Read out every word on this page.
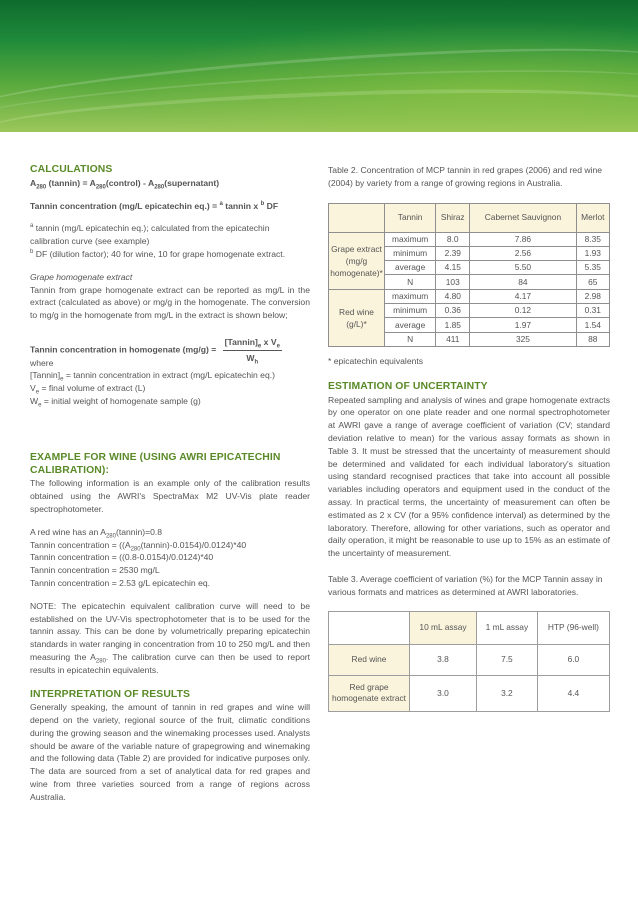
CALCULATIONS

$A_{280}$ (tannin) = $A_{280}(control)$ - $A_{280}(supernatant)$

Tannin concentration (mg/L epicatechin eq.) = $^a$ tannin x $^b$ DF

$^a$ tannin (mg/L epicatechin eq.); calculated from the epicatechin calibration curve (see example)

$^b$ DF (dilution factor); 40 for wine, 10 for grape homogenate extract.

Grape homogenate extract

Tannin from grape homogenate extract can be reported as mg/L in the extract (calculated as above) or mg/g in the homogenate. The conversion to mg/g in the homogenate from mg/L in the extract is shown below;

Tannin concentration in homogenate $(mg/g) = \frac{[Tannin]_e x V_e}{W_h}$

where

$[Tannin]_e$ = tannin concentration in extract (mg/L epicatechin eq.)

$V_e$ = final volume of extract (L)

$W_e$ = initial weight of homogenate sample (g)

EXAMPLE FOR WINE (USING AWRI EPICATECHIN CALIBRATION):

The following information is an example only of the calibration results obtained using the AWRI's SpectraMax M2 UV-Vis plate reader spectrophotometer.

A red wine has an $A_{280}(tannin)=0.8$

Tannin concentration = $((A_{280}(tannin)-0.0154)/0.0124)*40$

Tannin concentration = ((0.8-0.0154)/0.0124)*40

Tannin concentration = 2530 mg/L

Tannin concentration = 2.53 g/L epicatechin eq.

NOTE: The epicatechin equivalent calibration curve will need to be established on the UV-Vis spectrophotometer that is to be used for the tannin assay. This can be done by volumetrically preparing epicatechin standards in water ranging in concentration from 10 to 250 mg/L and then measuring the $A_{280}$. The calibration curve can then be used to report results in epicatechin equivalents.

INTERPRETATION OF RESULTS

Generally speaking, the amount of tannin in red grapes and wine will depend on the variety, regional source of the fruit, climatic conditions during the growing season and the winemaking processes used. Analysts should be aware of the variable nature of grapegrowing and winemaking and the following data (Table 2) are provided for indicative purposes only. The data are sourced from a set of analytical data for red grapes and wine from three varieties sourced from a range of regions across Australia.

Table 2. Concentration of MCP tannin in red grapes (2006) and red wine (2004) by variety from a range of growing regions in Australia.

	Tannin	Shiraz	Cabernet Sauvignon	Merlot
Grape extract (mg/g homogenate)*	maximum	8.0	7.86	8.35
	minimum	2.39	2.56	1.93
	average	4.15	5.50	5.35
	N	103	84	65
Red wine (g/L)*	maximum	4.80	4.17	2.98
	minimum	0.36	0.12	0.31
	average	1.85	1.97	1.54
	N	411	325	88

* epicatechin equivalents

ESTIMATION OF UNCERTAINTY

Repeated sampling and analysis of wines and grape homogenate extracts by one operator on one plate reader and one normal spectrophotometer at AWRI gave a range of average coefficient of variation (CV; standard deviation relative to mean) for the various assay formats as shown in Table 3. It must be stressed that the uncertainty of measurement should be determined and validated for each individual laboratory's situation using standard recognised practices that take into account all possible variables including operators and equipment used in the conduct of the assay. In practical terms, the uncertainty of measurement can often be estimated as 2 x CV (for a 95% confidence interval) as determined by the laboratory. Therefore, allowing for other variations, such as operator and daily operation, it might be reasonable to use up to 15% as an estimate of the uncertainty of measurement.

Table 3. Average coefficient of variation (%) for the MCP Tannin assay in various formats and matrices as determined at AWRI laboratories.

	10 mL assay	1 mL assay	HTP (96-well)
Red wine	3.8	7.5	6.0
Red grape homogenate extract	3.0	3.2	4.4
